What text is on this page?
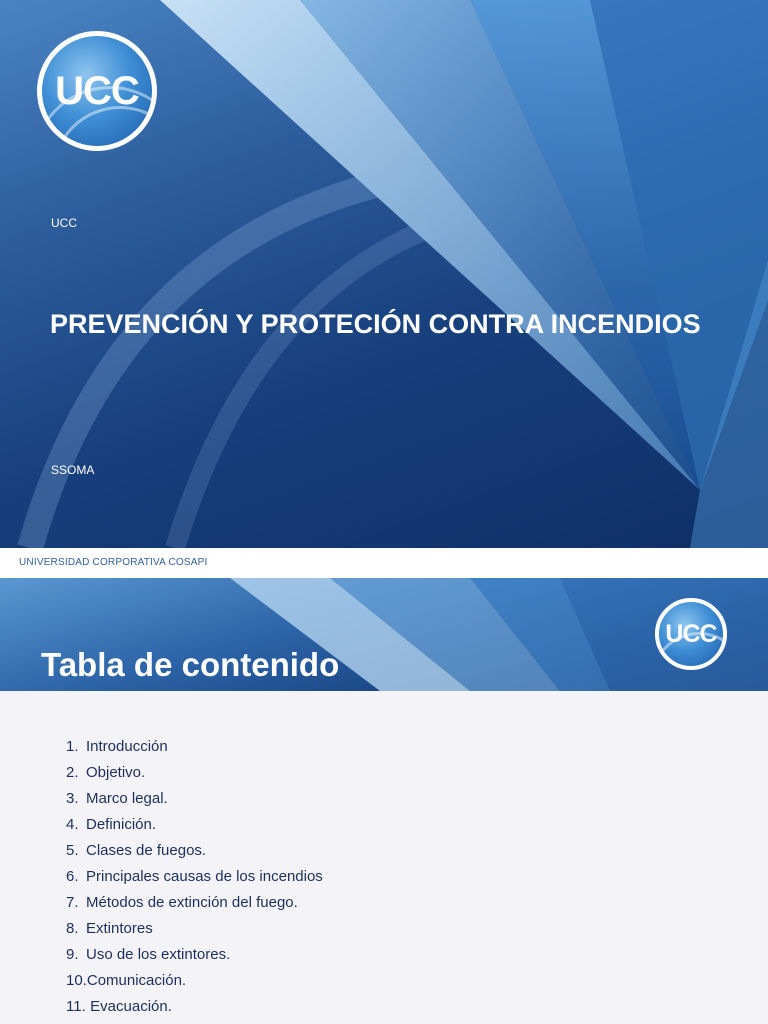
UCC
UCC
PREVENCIÓN Y PROTECIÓN CONTRA INCENDIOS
SSOMA
UNIVERSIDAD CORPORATIVA COSAPI
UCC
Tabla de contenido
1. Introducción
2. Objetivo.
3. Marco legal.
4. Definición.
5. Clases de fuegos.
6. Principales causas de los incendios
7. Métodos de extinción del fuego.
8. Extintores
9. Uso de los extintores.
10.Comunicación.
11. Evacuación.
